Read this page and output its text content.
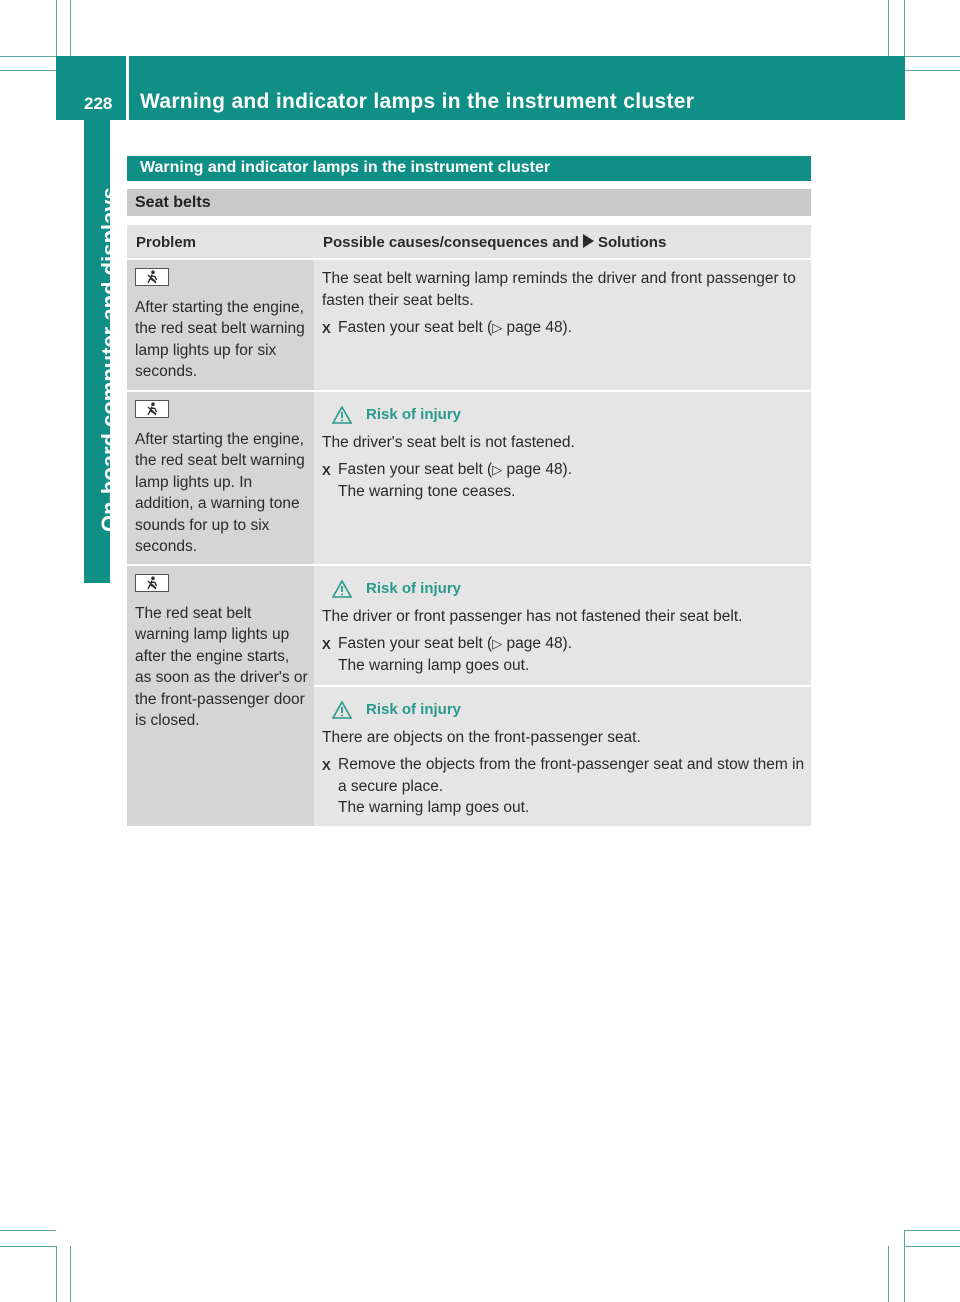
228	Warning and indicator lamps in the instrument cluster
On-board computer and displays
Warning and indicator lamps in the instrument cluster
Seat belts
Problem	Possible causes/consequences and Solutions
After starting the engine, the red seat belt warning lamp lights up for six seconds.

The seat belt warning lamp reminds the driver and front passenger to fasten their seat belts.

X Fasten your seat belt (▷ page 48).
After starting the engine, the red seat belt warning lamp lights up. In addition, a warning tone sounds for up to six seconds.
Risk of injury

The driver's seat belt is not fastened.

X Fasten your seat belt (▷ page 48).
The warning tone ceases.
The red seat belt warning lamp lights up after the engine starts, as soon as the driver's or the front-passenger door is closed.
Risk of injury

The driver or front passenger has not fastened their seat belt.

X Fasten your seat belt (▷ page 48).
The warning lamp goes out.
Risk of injury

There are objects on the front-passenger seat.

X Remove the objects from the front-passenger seat and stow them in a secure place.
The warning lamp goes out.
